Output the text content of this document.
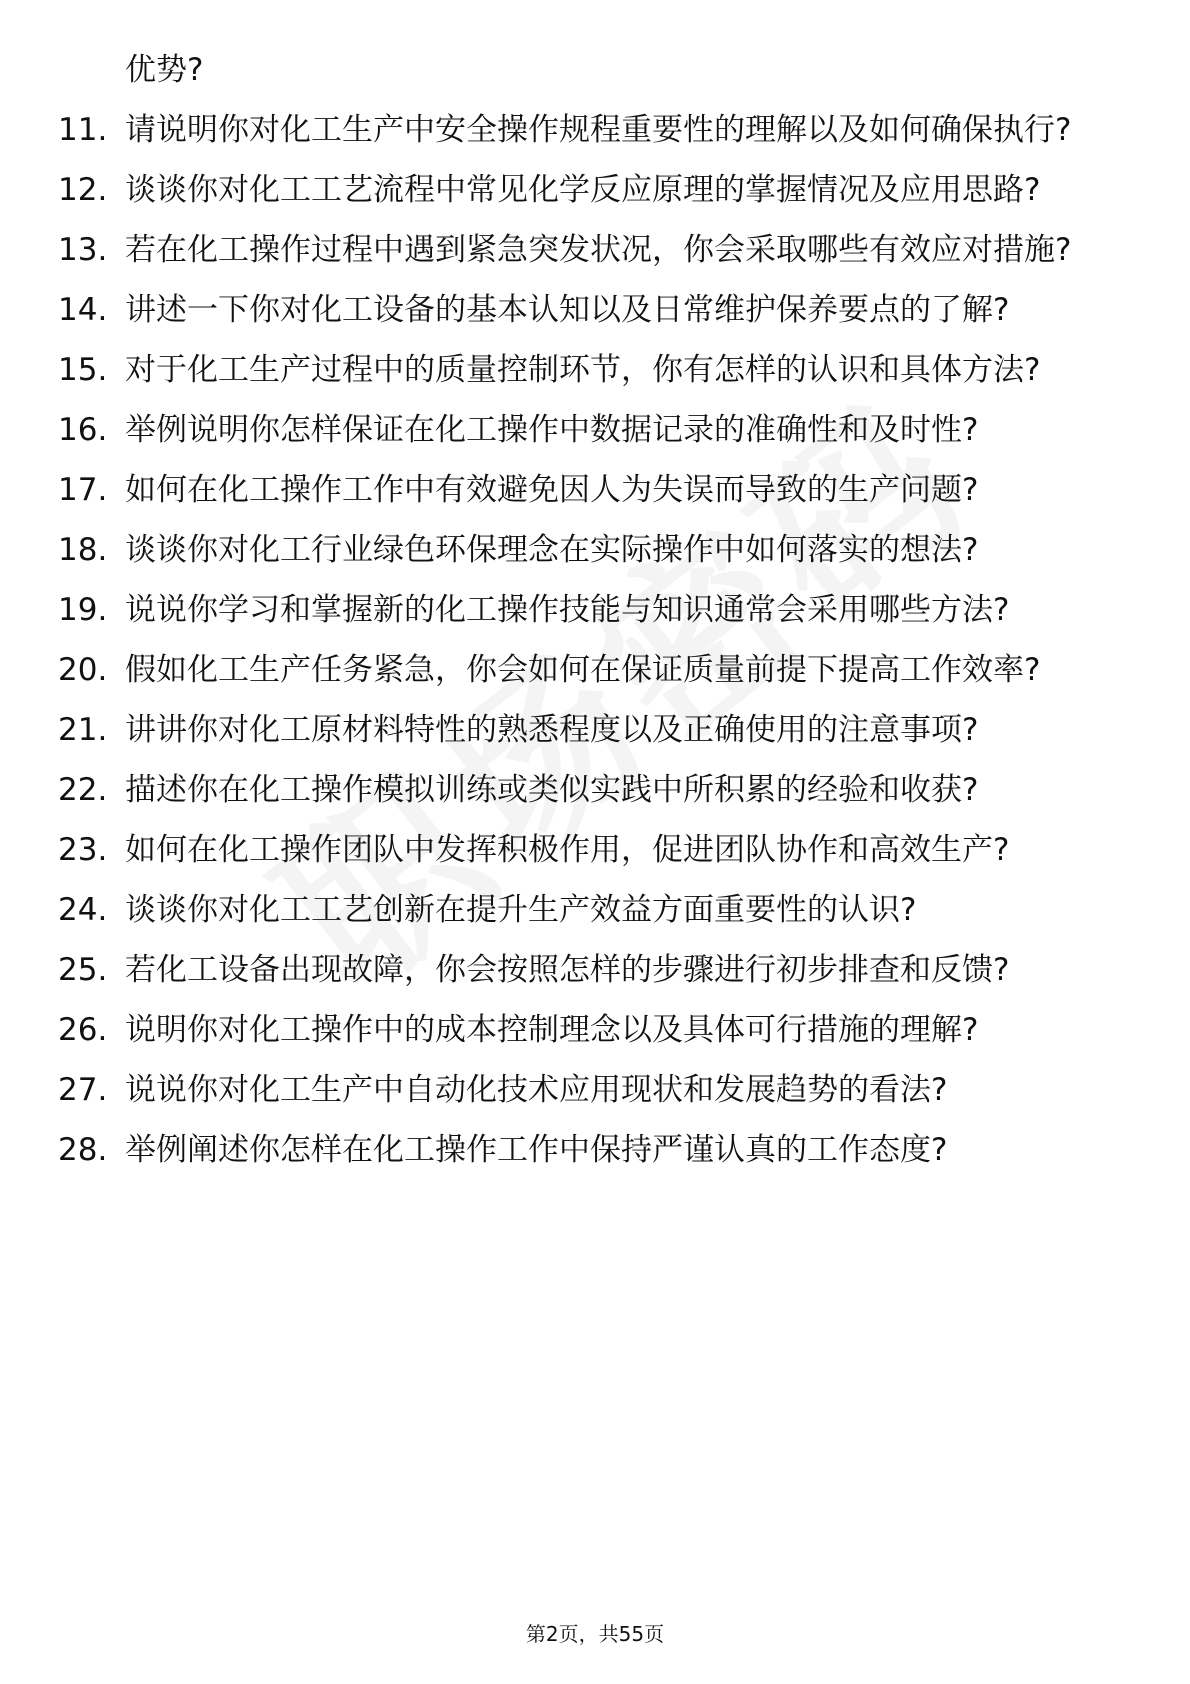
优势?
11. 请说明你对化工生产中安全操作规程重要性的理解以及如何确保执行?
12. 谈谈你对化工工艺流程中常见化学反应原理的掌握情况及应用思路?
13. 若在化工操作过程中遇到紧急突发状况，你会采取哪些有效应对措施?
14. 讲述一下你对化工设备的基本认知以及日常维护保养要点的了解?
15. 对于化工生产过程中的质量控制环节，你有怎样的认识和具体方法?
16. 举例说明你怎样保证在化工操作中数据记录的准确性和及时性?
17. 如何在化工操作工作中有效避免因人为失误而导致的生产问题?
18. 谈谈你对化工行业绿色环保理念在实际操作中如何落实的想法?
19. 说说你学习和掌握新的化工操作技能与知识通常会采用哪些方法?
20. 假如化工生产任务紧急，你会如何在保证质量前提下提高工作效率?
21. 讲讲你对化工原材料特性的熟悉程度以及正确使用的注意事项?
22. 描述你在化工操作模拟训练或类似实践中所积累的经验和收获?
23. 如何在化工操作团队中发挥积极作用，促进团队协作和高效生产?
24. 谈谈你对化工工艺创新在提升生产效益方面重要性的认识?
25. 若化工设备出现故障，你会按照怎样的步骤进行初步排查和反馈?
26. 说明你对化工操作中的成本控制理念以及具体可行措施的理解?
27. 说说你对化工生产中自动化技术应用现状和发展趋势的看法?
28. 举例阐述你怎样在化工操作工作中保持严谨认真的工作态度?
第2页，共55页
